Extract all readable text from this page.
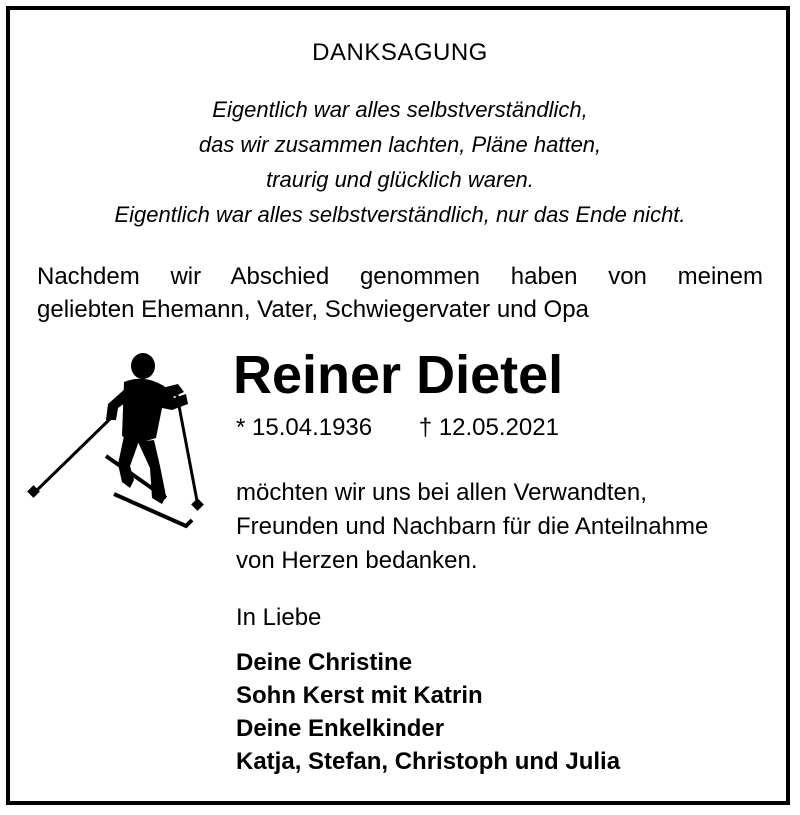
DANKSAGUNG
Eigentlich war alles selbstverständlich,
das wir zusammen lachten, Pläne hatten,
traurig und glücklich waren.
Eigentlich war alles selbstverständlich, nur das Ende nicht.
Nachdem wir Abschied genommen haben von meinem
geliebten Ehemann, Vater, Schwiegervater und Opa
Reiner Dietel
* 15.04.1936 † 12.05.2021
möchten wir uns bei allen Verwandten,
Freunden und Nachbarn für die Anteilnahme
von Herzen bedanken.
In Liebe
Deine Christine
Sohn Kerst mit Katrin
Deine Enkelkinder
Katja, Stefan, Christoph und Julia
